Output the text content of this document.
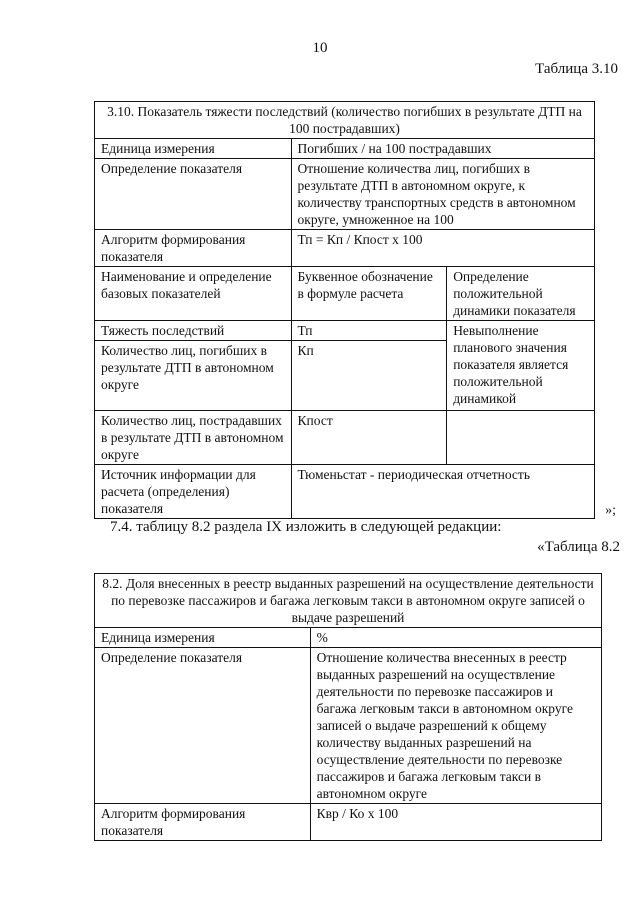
10
Таблица 3.10
3.10. Показатель тяжести последствий (количество погибших в результате ДТП на 100 пострадавших)		
Единица измерения	Погибших / на 100 пострадавших	
Определение показателя	Отношение количества лиц, погибших в результате ДТП в автономном округе, к количеству транспортных средств в автономном округе, умноженное на 100	
Алгоритм формирования показателя	Тп = Кп / Кпост х 100	
Наименование и определение базовых показателей	Буквенное обозначение в формуле расчета	Определение положительной динамики показателя
Тяжесть последствий	Тп	Невыполнение планового значения показателя является положительной динамикой
Количество лиц, погибших в результате ДТП в автономном округе	Кп	
Количество лиц, пострадавших в результате ДТП в автономном округе	Кпост	
Источник информации для расчета (определения) показателя	Тюменьстат - периодическая отчетность	
»;
7.4. таблицу 8.2 раздела IX изложить в следующей редакции:
«Таблица 8.2
8.2. Доля внесенных в реестр выданных разрешений на осуществление деятельности по перевозке пассажиров и багажа легковым такси в автономном округе записей о выдаче разрешений	
Единица измерения	%
Определение показателя	Отношение количества внесенных в реестр выданных разрешений на осуществление деятельности по перевозке пассажиров и багажа легковым такси в автономном округе записей о выдаче разрешений к общему количеству выданных разрешений на осуществление деятельности по перевозке пассажиров и багажа легковым такси в автономном округе
Алгоритм формирования показателя	Квр / Ко х 100
